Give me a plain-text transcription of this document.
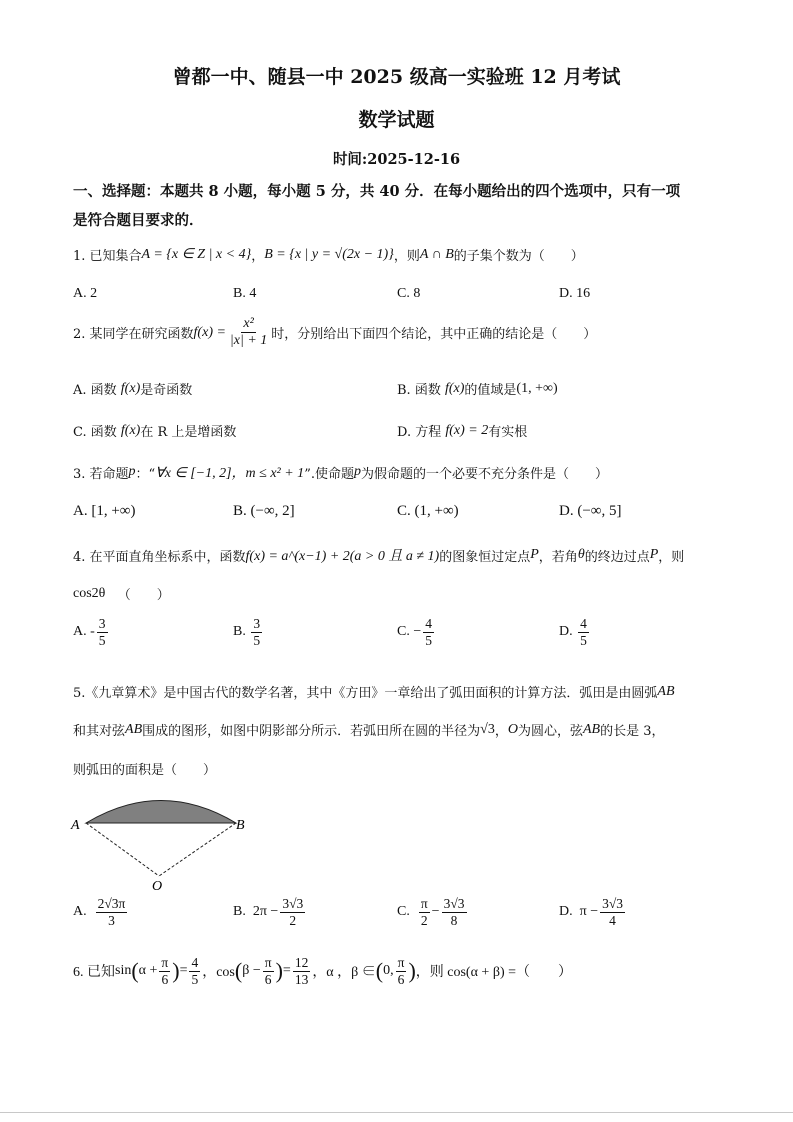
曾都一中、随县一中 2025 级高一实验班 12 月考试
数学试题
时间:2025-12-16
一、选择题：本题共 8 小题，每小题 5 分，共 40 分．在每小题给出的四个选项中，只有一项
是符合题目要求的．
1. 已知集合 A = {x ∈ Z | x < 4} ， B = {x | y = √(2x − 1)} ，则 A ∩ B 的子集个数为（　　）
A. 2	B. 4	C. 8	D. 16
2. 某同学在研究函数 $f(x) = \frac{\text{x²}}{|x| + 1}$ 时，分别给出下面四个结论，其中正确的结论是（　　）
A. 函数
f(x) 是奇函数	B. 函数
f(x) 的值域是 (1, +∞)
C. 函数
f(x) 在 R 上是增函数	D. 方程
f(x) = 2 有实根
3. 若命题 p ：“ ∀x ∈ [−1, 2]，m ≤ x² + 1 ”.使命题 p 为假命题的一个必要不充分条件是（　　）
A. [1, +∞)	B. (−∞, 2]	C. (1, +∞)	D. (−∞, 5]
4. 在平面直角坐标系中，函数 f(x) = a^(x−1) + 2(a > 0 且 a ≠ 1) 的图象恒过定点 P ，若角 θ 的终边过点 P ，则
cos2θ
（　　）
A.
- $\frac{3}{5}$	B.
$\frac{3}{5}$	C.
− $\frac{4}{5}$	D.
$\frac{4}{5}$
5.《九章算术》是中国古代的数学名著，其中《方田》一章给出了弧田面积的计算方法．弧田是由圆弧 AB
和其对弦 AB 围成的图形，如图中阴影部分所示．若弧田所在圆的半径为 √3 ， O 为圆心，弦 AB 的长是 3，
则弧田的面积是（　　）
A	B
O
A.
$\frac{2√3\pi}{3}$	B.
$2\pi - \frac{3√3}{2}$	C.
$\frac{\pi}{2} - \frac{3√3}{8}$	D.
$\pi - \frac{3√3}{4}$
6. 已知 sin ( $\alpha + \frac{\pi}{6}$ ) = $\frac{4}{5}$ ，cos ( $\beta - \frac{\pi}{6}$ ) = $\frac{12}{13}$ ，α ，β ∈ ( 0, $\frac{\pi}{6}$ ) ，则 cos(α + β) =（　　）
